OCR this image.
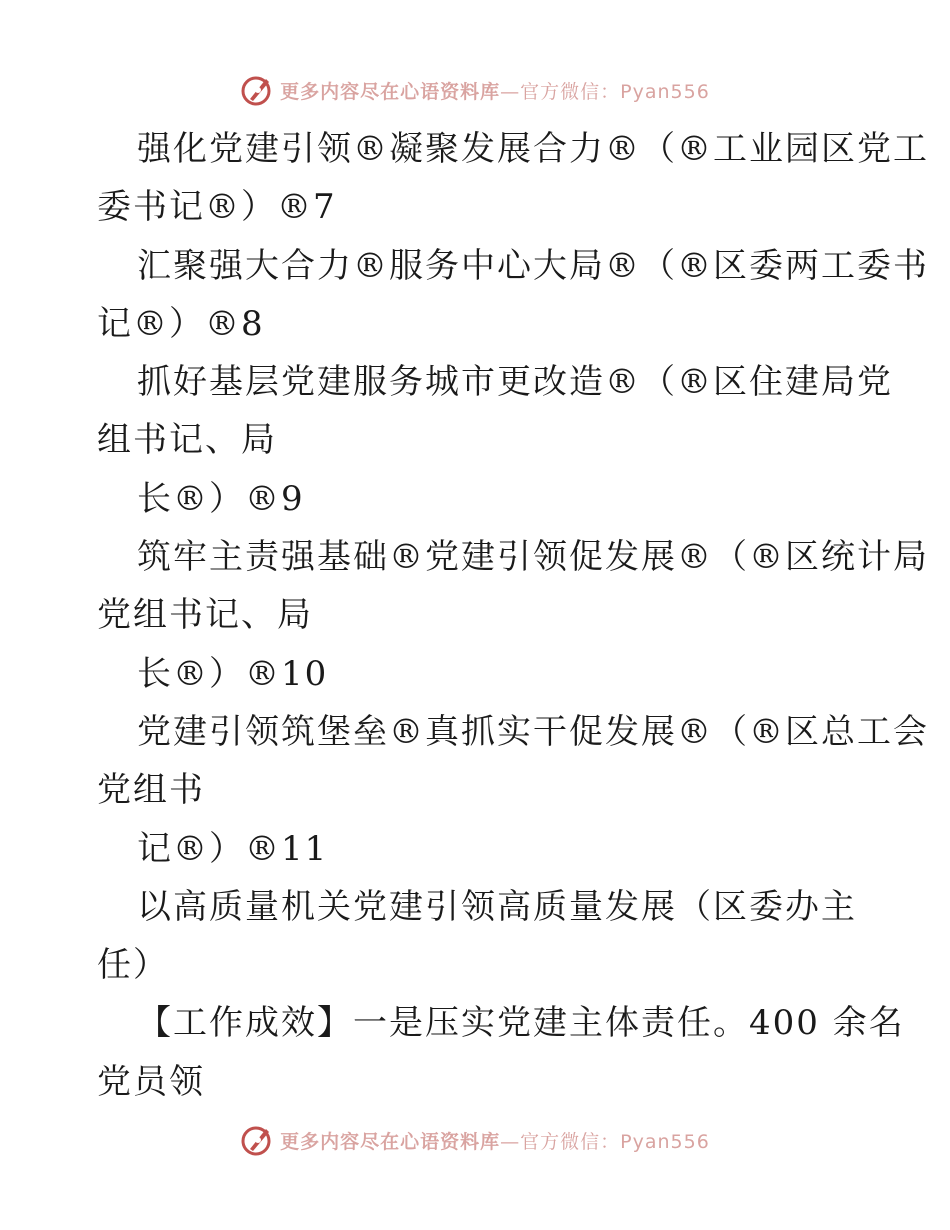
更多内容尽在心语资料库—官方微信：Pyan556
强化党建引领®凝聚发展合力®（®工业园区党工
委书记®）®7
汇聚强大合力®服务中心大局®（®区委两工委书
记®）®8
抓好基层党建服务城市更改造®（®区住建局党
组书记、局
长®）®9
筑牢主责强基础®党建引领促发展®（®区统计局
党组书记、局
长®）®10
党建引领筑堡垒®真抓实干促发展®（®区总工会
党组书
记®）®11
以高质量机关党建引领高质量发展（区委办主
任）
【工作成效】一是压实党建主体责任。400 余名
党员领
更多内容尽在心语资料库—官方微信：Pyan556
